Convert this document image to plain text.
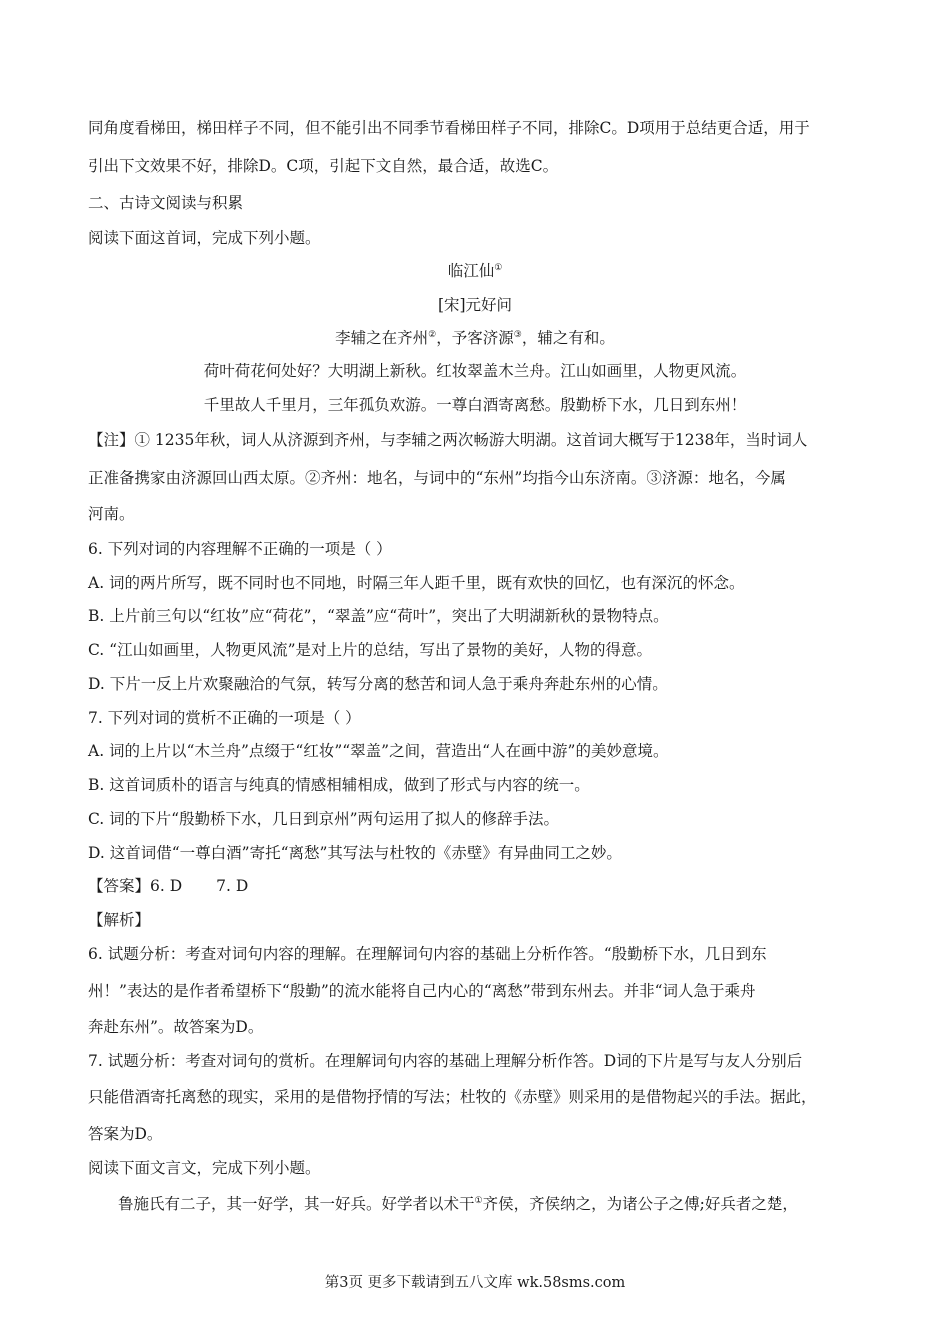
同角度看梯田，梯田样子不同，但不能引出不同季节看梯田样子不同，排除C。D项用于总结更合适，用于
引出下文效果不好，排除D。C项，引起下文自然，最合适，故选C。
二、古诗文阅读与积累
阅读下面这首词，完成下列小题。
临江仙①
[宋]元好问
李辅之在齐州②，予客济源③，辅之有和。
荷叶荷花何处好？大明湖上新秋。红妆翠盖木兰舟。江山如画里，人物更风流。
千里故人千里月，三年孤负欢游。一尊白酒寄离愁。殷勤桥下水，几日到东州！
【注】① 1235年秋，词人从济源到齐州，与李辅之两次畅游大明湖。这首词大概写于1238年，当时词人
正准备携家由济源回山西太原。②齐州：地名，与词中的“东州”均指今山东济南。③济源：地名，今属
河南。
6. 下列对词的内容理解不正确的一项是（ ）
A. 词的两片所写，既不同时也不同地，时隔三年人距千里，既有欢快的回忆，也有深沉的怀念。
B. 上片前三句以“红妆”应“荷花”，“翠盖”应“荷叶”，突出了大明湖新秋的景物特点。
C. “江山如画里，人物更风流”是对上片的总结，写出了景物的美好，人物的得意。
D. 下片一反上片欢聚融洽的气氛，转写分离的愁苦和词人急于乘舟奔赴东州的心情。
7. 下列对词的赏析不正确的一项是（ ）
A. 词的上片以“木兰舟”点缀于“红妆”“翠盖”之间，营造出“人在画中游”的美妙意境。
B. 这首词质朴的语言与纯真的情感相辅相成，做到了形式与内容的统一。
C. 词的下片“殷勤桥下水，几日到京州”两句运用了拟人的修辞手法。
D. 这首词借“一尊白酒”寄托“离愁”其写法与杜牧的《赤壁》有异曲同工之妙。
【答案】6. D 7. D
【解析】
6. 试题分析：考查对词句内容的理解。在理解词句内容的基础上分析作答。“殷勤桥下水，几日到东
州！”表达的是作者希望桥下“殷勤”的流水能将自己内心的“离愁”带到东州去。并非“词人急于乘舟
奔赴东州”。故答案为D。
7. 试题分析：考查对词句的赏析。在理解词句内容的基础上理解分析作答。D词的下片是写与友人分别后
只能借酒寄托离愁的现实，采用的是借物抒情的写法；杜牧的《赤壁》则采用的是借物起兴的手法。据此，
答案为D。
阅读下面文言文，完成下列小题。
鲁施氏有二子，其一好学，其一好兵。好学者以术干①齐侯，齐侯纳之，为诸公子之傅;好兵者之楚，
第3页 更多下载请到五八文库 wk.58sms.com
